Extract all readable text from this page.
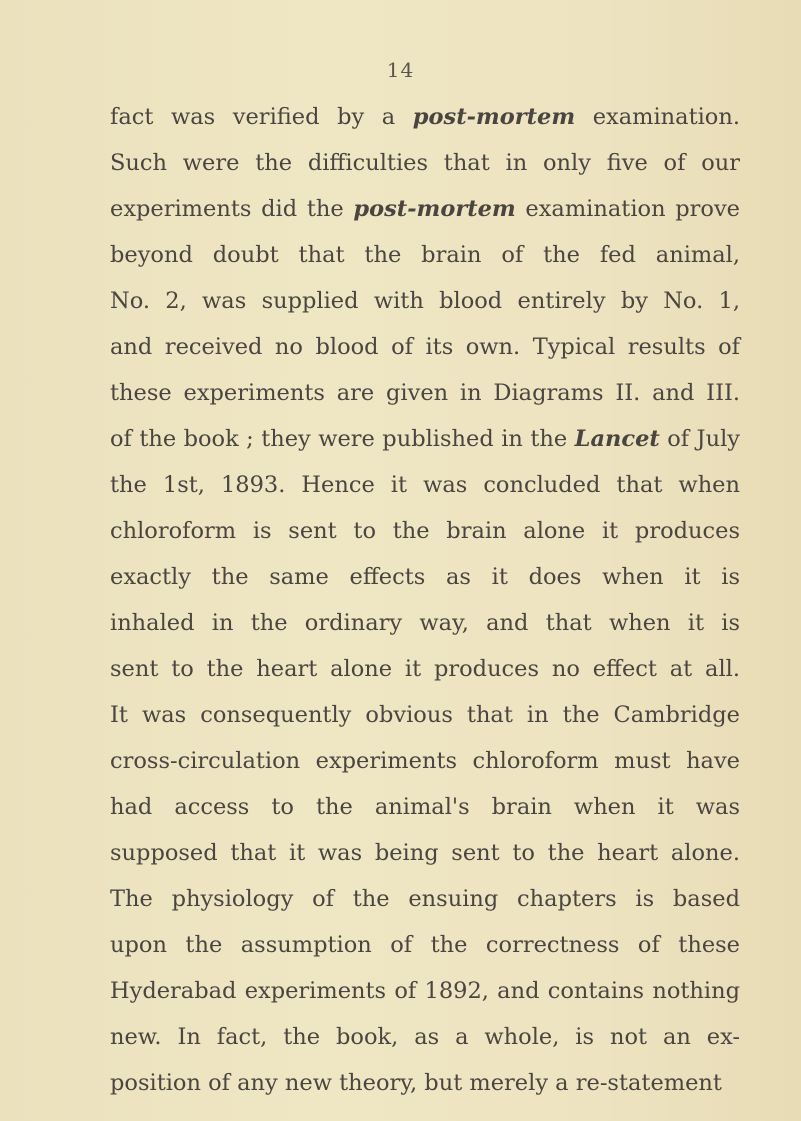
14
fact was verified by a post-mortem examination.
Such were the difficulties that in only five of our
experiments did the post-mortem examination prove
beyond doubt that the brain of the fed animal,
No. 2, was supplied with blood entirely by No. 1,
and received no blood of its own. Typical results of
these experiments are given in Diagrams II. and III.
of the book ; they were published in the Lancet of July
the 1st, 1893. Hence it was concluded that when
chloroform is sent to the brain alone it produces
exactly the same effects as it does when it is
inhaled in the ordinary way, and that when it is
sent to the heart alone it produces no effect at all.
It was consequently obvious that in the Cambridge
cross-circulation experiments chloroform must have
had access to the animal's brain when it was
supposed that it was being sent to the heart alone.
The physiology of the ensuing chapters is based
upon the assumption of the correctness of these
Hyderabad experiments of 1892, and contains nothing
new. In fact, the book, as a whole, is not an ex-
position of any new theory, but merely a re-statement
